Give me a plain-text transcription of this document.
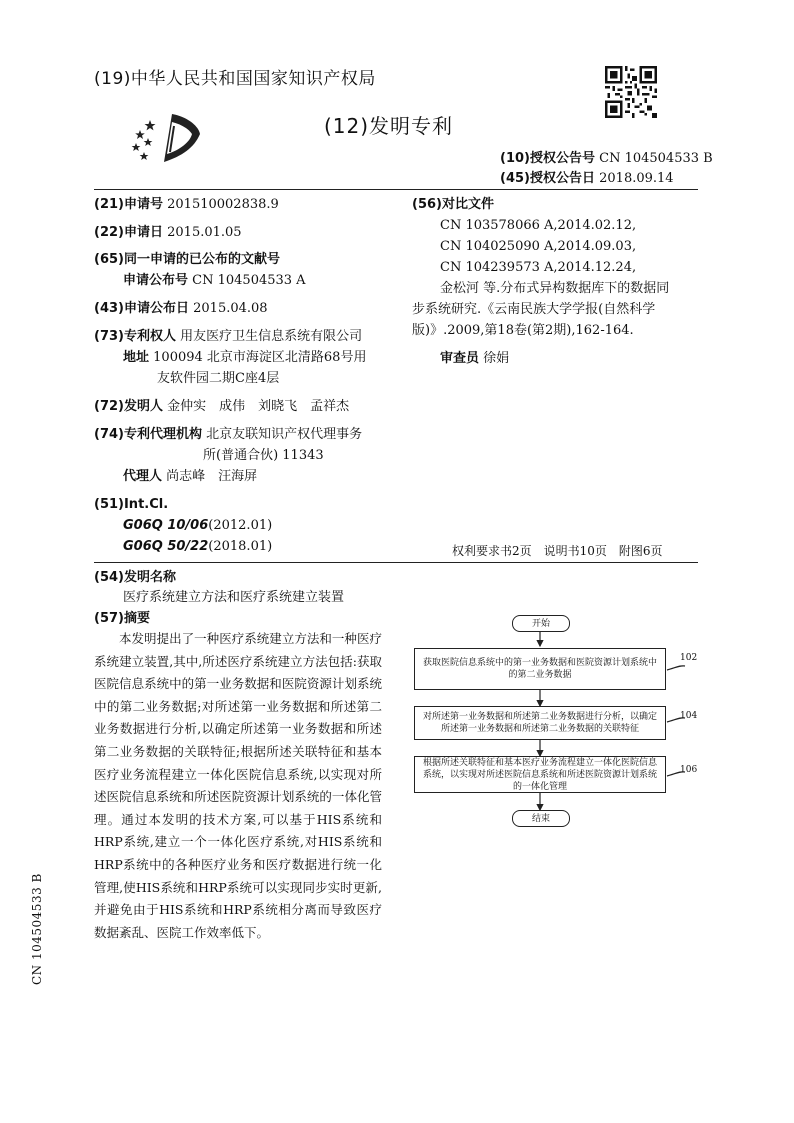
(19)中华人民共和国国家知识产权局
(12)发明专利
(10)授权公告号 CN 104504533 B
(45)授权公告日 2018.09.14
(21)申请号 201510002838.9
(22)申请日 2015.01.05
(65)同一申请的已公布的文献号
申请公布号 CN 104504533 A
(43)申请公布日 2015.04.08
(73)专利权人 用友医疗卫生信息系统有限公司
地址 100094 北京市海淀区北清路68号用
友软件园二期C座4层
(72)发明人 金仲实　成伟　刘晓飞　孟祥杰
(74)专利代理机构 北京友联知识产权代理事务
所(普通合伙) 11343
代理人 尚志峰　汪海屏
(51)Int.Cl.
G06Q 10/06(2012.01)
G06Q 50/22(2018.01)
(56)对比文件
CN 103578066 A,2014.02.12,
CN 104025090 A,2014.09.03,
CN 104239573 A,2014.12.24,
金松河 等.分布式异构数据库下的数据同
步系统研究.《云南民族大学学报(自然科学
版)》.2009,第18卷(第2期),162-164.
审查员 徐娟
权利要求书2页　说明书10页　附图6页
(54)发明名称
医疗系统建立方法和医疗系统建立装置
(57)摘要
本发明提出了一种医疗系统建立方法和一种医疗系统建立装置,其中,所述医疗系统建立方法包括:获取医院信息系统中的第一业务数据和医院资源计划系统中的第二业务数据;对所述第一业务数据和所述第二业务数据进行分析,以确定所述第一业务数据和所述第二业务数据的关联特征;根据所述关联特征和基本医疗业务流程建立一体化医院信息系统,以实现对所述医院信息系统和所述医院资源计划系统的一体化管理。通过本发明的技术方案,可以基于HIS系统和HRP系统,建立一个一体化医疗系统,对HIS系统和HRP系统中的各种医疗业务和医疗数据进行统一化管理,使HIS系统和HRP系统可以实现同步实时更新,并避免由于HIS系统和HRP系统相分离而导致医疗数据紊乱、医院工作效率低下。
开始
获取医院信息系统中的第一业务数据和医院资源计划系统中的第二业务数据
102
对所述第一业务数据和所述第二业务数据进行分析，以确定所述第一业务数据和所述第二业务数据的关联特征
104
根据所述关联特征和基本医疗业务流程建立一体化医院信息系统，以实现对所述医院信息系统和所述医院资源计划系统的一体化管理
106
结束
CN 104504533 B
